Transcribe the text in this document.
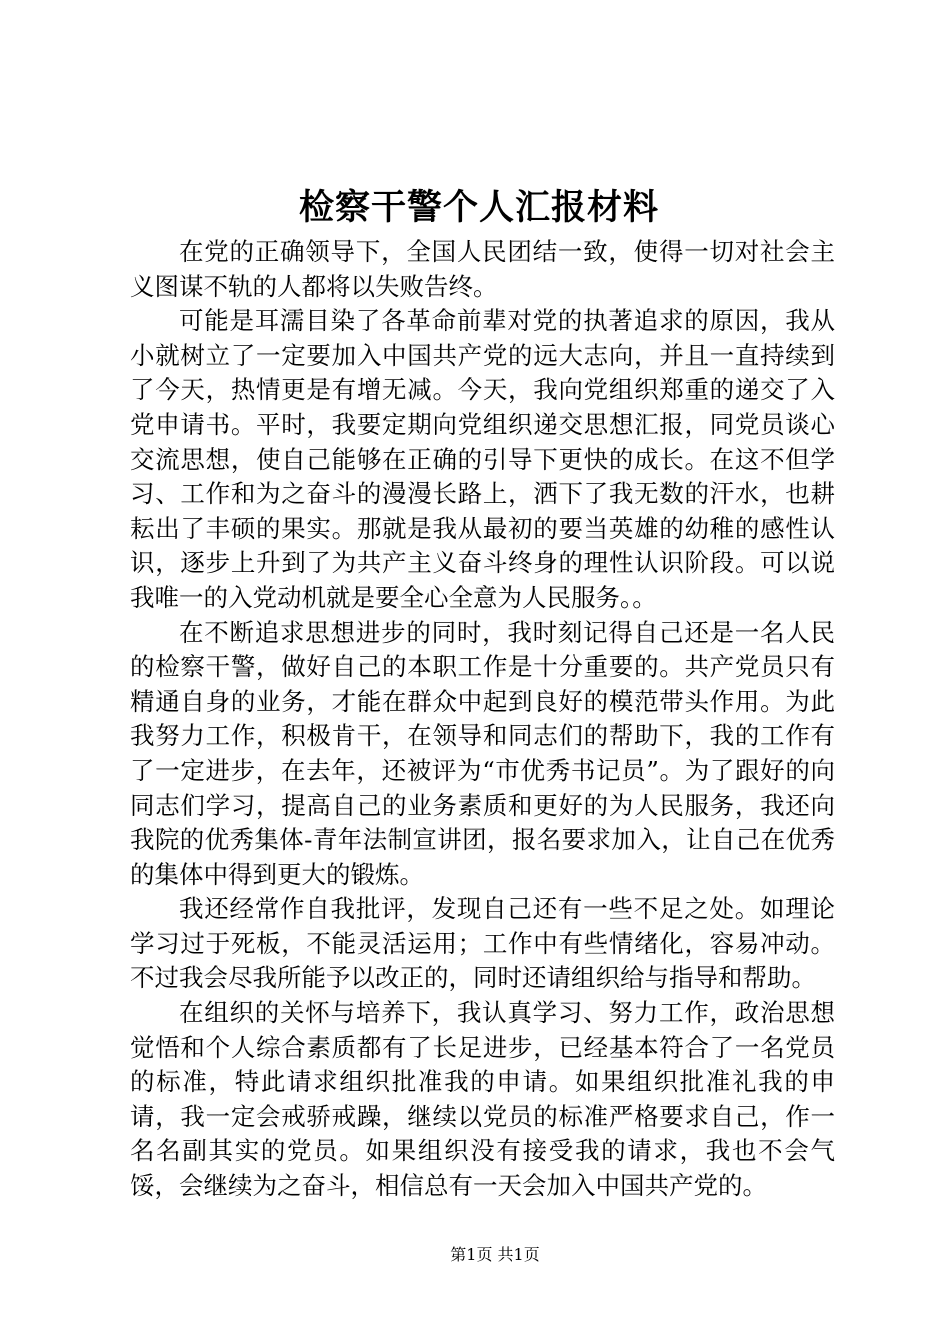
检察干警个人汇报材料

在党的正确领导下，全国人民团结一致，使得一切对社会主义图谋不轨的人都将以失败告终。

可能是耳濡目染了各革命前辈对党的执著追求的原因，我从小就树立了一定要加入中国共产党的远大志向，并且一直持续到了今天，热情更是有增无减。今天，我向党组织郑重的递交了入党申请书。平时，我要定期向党组织递交思想汇报，同党员谈心交流思想，使自己能够在正确的引导下更快的成长。在这不但学习、工作和为之奋斗的漫漫长路上，洒下了我无数的汗水，也耕耘出了丰硕的果实。那就是我从最初的要当英雄的幼稚的感性认识，逐步上升到了为共产主义奋斗终身的理性认识阶段。可以说我唯一的入党动机就是要全心全意为人民服务。。

在不断追求思想进步的同时，我时刻记得自己还是一名人民的检察干警，做好自己的本职工作是十分重要的。共产党员只有精通自身的业务，才能在群众中起到良好的模范带头作用。为此我努力工作，积极肯干，在领导和同志们的帮助下，我的工作有了一定进步，在去年，还被评为“市优秀书记员”。为了跟好的向同志们学习，提高自己的业务素质和更好的为人民服务，我还向我院的优秀集体-青年法制宣讲团，报名要求加入，让自己在优秀的集体中得到更大的锻炼。

我还经常作自我批评，发现自己还有一些不足之处。如理论学习过于死板，不能灵活运用；工作中有些情绪化，容易冲动。不过我会尽我所能予以改正的，同时还请组织给与指导和帮助。

在组织的关怀与培养下，我认真学习、努力工作，政治思想觉悟和个人综合素质都有了长足进步，已经基本符合了一名党员的标准，特此请求组织批准我的申请。如果组织批准礼我的申请，我一定会戒骄戒躁，继续以党员的标准严格要求自己，作一名名副其实的党员。如果组织没有接受我的请求，我也不会气馁，会继续为之奋斗，相信总有一天会加入中国共产党的。

第1页 共1页
